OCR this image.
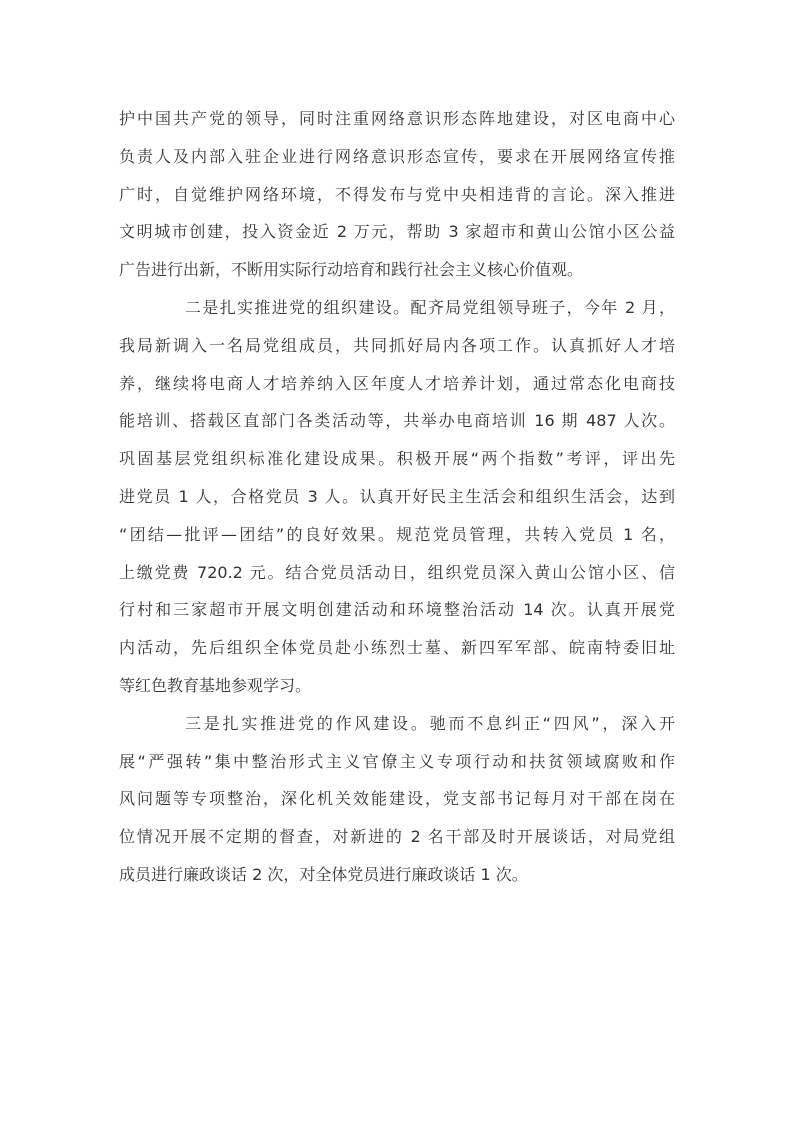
护中国共产党的领导，同时注重网络意识形态阵地建设，对区电商中心
负责人及内部入驻企业进行网络意识形态宣传，要求在开展网络宣传推
广时，自觉维护网络环境，不得发布与党中央相违背的言论。深入推进
文明城市创建，投入资金近 2 万元，帮助 3 家超市和黄山公馆小区公益
广告进行出新，不断用实际行动培育和践行社会主义核心价值观。
二是扎实推进党的组织建设。配齐局党组领导班子，今年 2 月，
我局新调入一名局党组成员，共同抓好局内各项工作。认真抓好人才培
养，继续将电商人才培养纳入区年度人才培养计划，通过常态化电商技
能培训、搭载区直部门各类活动等，共举办电商培训 16 期 487 人次。
巩固基层党组织标准化建设成果。积极开展“两个指数”考评，评出先
进党员 1 人，合格党员 3 人。认真开好民主生活会和组织生活会，达到
“团结—批评—团结”的良好效果。规范党员管理，共转入党员 1 名，
上缴党费 720.2 元。结合党员活动日，组织党员深入黄山公馆小区、信
行村和三家超市开展文明创建活动和环境整治活动 14 次。认真开展党
内活动，先后组织全体党员赴小练烈士墓、新四军军部、皖南特委旧址
等红色教育基地参观学习。
三是扎实推进党的作风建设。驰而不息纠正“四风”，深入开
展“严强转”集中整治形式主义官僚主义专项行动和扶贫领域腐败和作
风问题等专项整治，深化机关效能建设，党支部书记每月对干部在岗在
位情况开展不定期的督查，对新进的 2 名干部及时开展谈话，对局党组
成员进行廉政谈话 2 次，对全体党员进行廉政谈话 1 次。
